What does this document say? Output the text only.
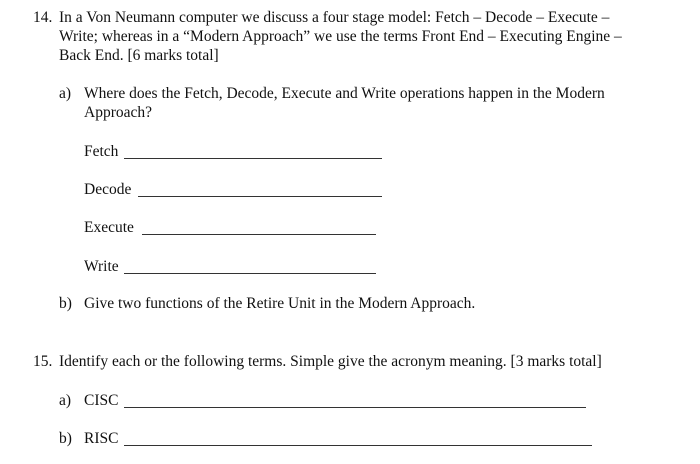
14. In a Von Neumann computer we discuss a four stage model: Fetch – Decode – Execute –
Write; whereas in a “Modern Approach” we use the terms Front End – Executing Engine –
Back End. [6 marks total]
a) Where does the Fetch, Decode, Execute and Write operations happen in the Modern
Approach?
Fetch
Decode
Execute
Write
b) Give two functions of the Retire Unit in the Modern Approach.
15. Identify each or the following terms. Simple give the acronym meaning. [3 marks total]
a) CISC
b) RISC
